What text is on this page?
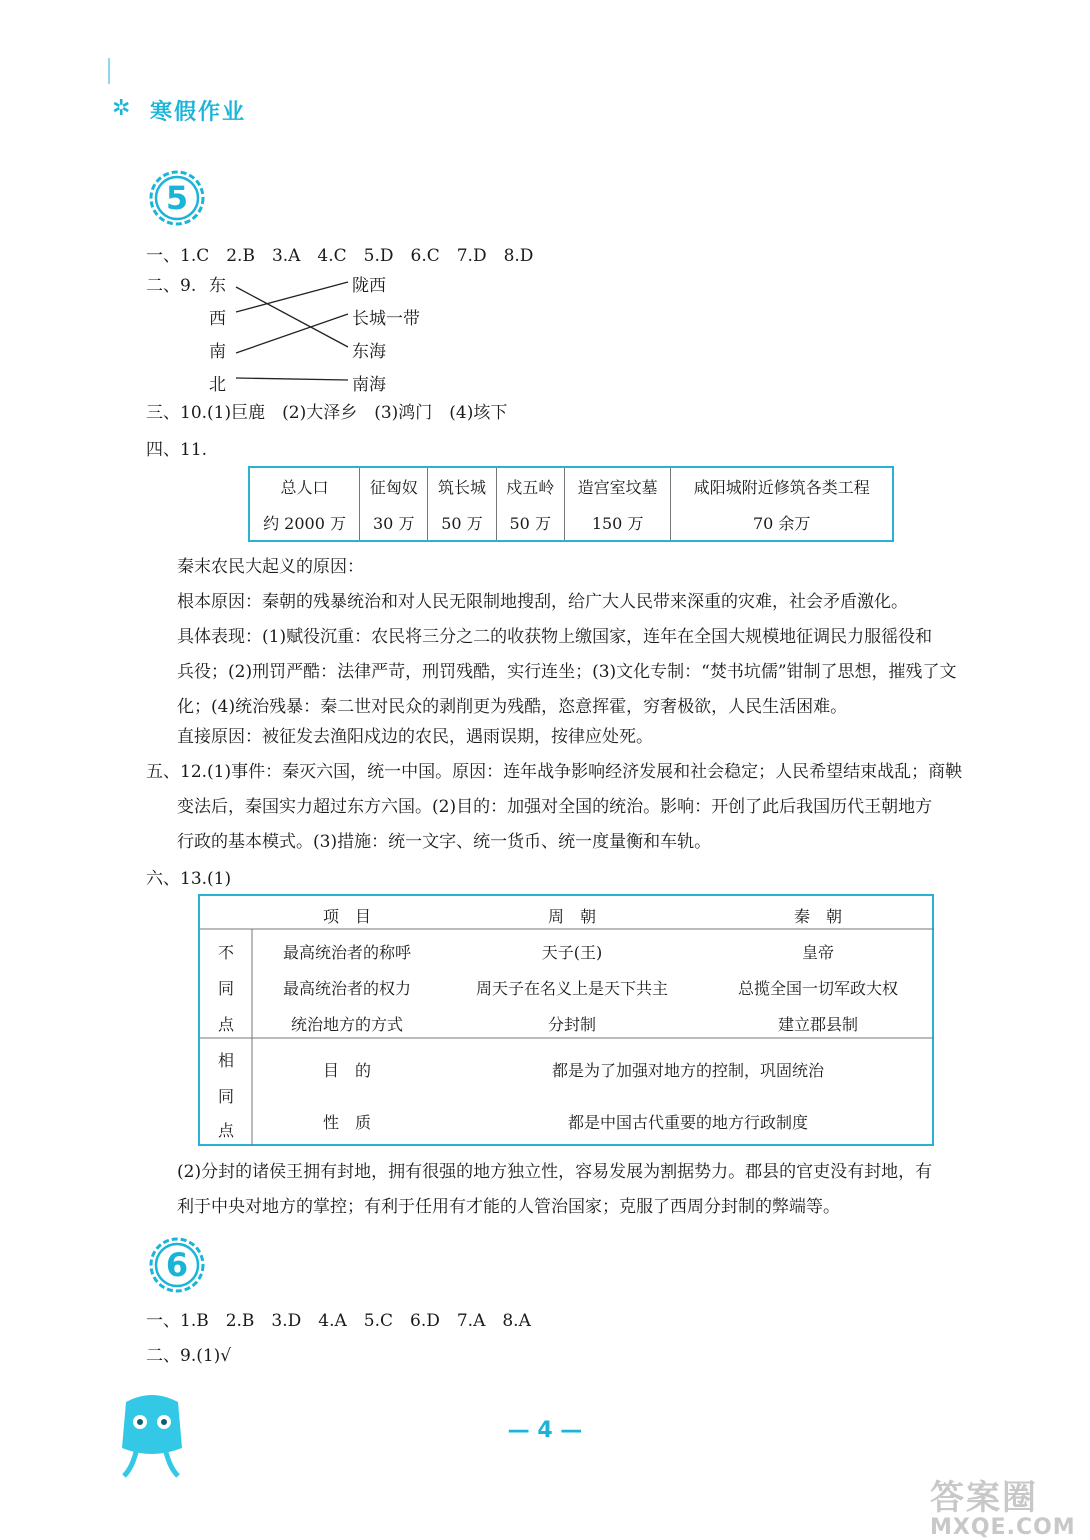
✲ 寒假作业
5
一、1.C　2.B　3.A　4.C　5.D　6.C　7.D　8.D
二、9. 东
西
南
北
陇西
长城一带
东海
南海
三、10.(1)巨鹿　(2)大泽乡　(3)鸿门　(4)垓下
四、11.
总人口	征匈奴	筑长城	戍五岭	造宫室坟墓	咸阳城附近修筑各类工程
约 2000 万	30 万	50 万	50 万	150 万	70 余万
秦末农民大起义的原因：
根本原因：秦朝的残暴统治和对人民无限制地搜刮，给广大人民带来深重的灾难，社会矛盾激化。
具体表现：(1)赋役沉重：农民将三分之二的收获物上缴国家，连年在全国大规模地征调民力服徭役和
兵役；(2)刑罚严酷：法律严苛，刑罚残酷，实行连坐；(3)文化专制：“焚书坑儒”钳制了思想，摧残了文
化；(4)统治残暴：秦二世对民众的剥削更为残酷，恣意挥霍，穷奢极欲，人民生活困难。
直接原因：被征发去渔阳戍边的农民，遇雨误期，按律应处死。
五、12.(1)事件：秦灭六国，统一中国。原因：连年战争影响经济发展和社会稳定；人民希望结束战乱；商鞅
变法后，秦国实力超过东方六国。(2)目的：加强对全国的统治。影响：开创了此后我国历代王朝地方
行政的基本模式。(3)措施：统一文字、统一货币、统一度量衡和车轨。
六、13.(1)
项　目	周　朝	秦　朝
不
同
点
最高统治者的称呼	天子(王)	皇帝
最高统治者的权力	周天子在名义上是天下共主	总揽全国一切军政大权
统治地方的方式	分封制	建立郡县制
相
同
点
目　的	都是为了加强对地方的控制，巩固统治
性　质	都是中国古代重要的地方行政制度
(2)分封的诸侯王拥有封地，拥有很强的地方独立性，容易发展为割据势力。郡县的官吏没有封地，有
利于中央对地方的掌控；有利于任用有才能的人管治国家；克服了西周分封制的弊端等。
6
一、1.B　2.B　3.D　4.A　5.C　6.D　7.A　8.A
二、9.(1)√
— 4 —
答案圈
MXQE.COM
